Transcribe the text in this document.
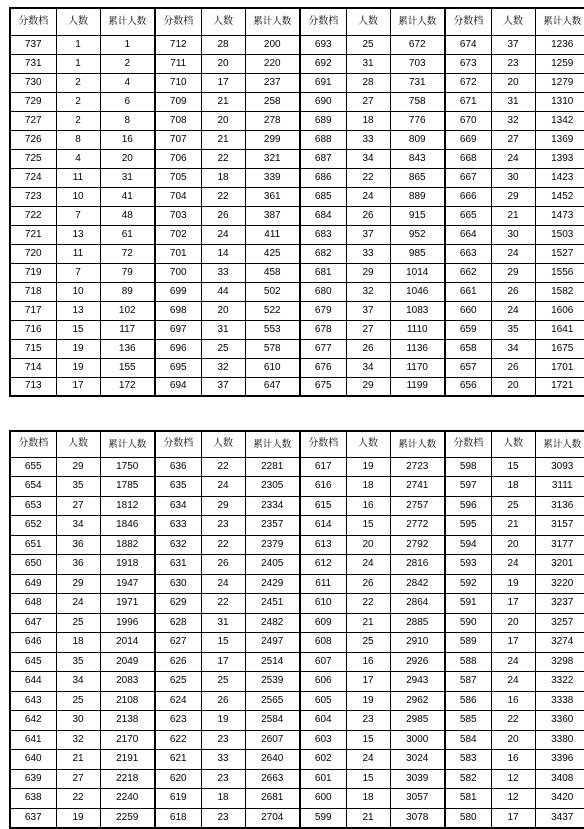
分数档	人数	累计人数	分数档	人数	累计人数	分数档	人数	累计人数	分数档	人数	累计人数
737	1	1	712	28	200	693	25	672	674	37	1236
731	1	2	711	20	220	692	31	703	673	23	1259
730	2	4	710	17	237	691	28	731	672	20	1279
729	2	6	709	21	258	690	27	758	671	31	1310
727	2	8	708	20	278	689	18	776	670	32	1342
726	8	16	707	21	299	688	33	809	669	27	1369
725	4	20	706	22	321	687	34	843	668	24	1393
724	11	31	705	18	339	686	22	865	667	30	1423
723	10	41	704	22	361	685	24	889	666	29	1452
722	7	48	703	26	387	684	26	915	665	21	1473
721	13	61	702	24	411	683	37	952	664	30	1503
720	11	72	701	14	425	682	33	985	663	24	1527
719	7	79	700	33	458	681	29	1014	662	29	1556
718	10	89	699	44	502	680	32	1046	661	26	1582
717	13	102	698	20	522	679	37	1083	660	24	1606
716	15	117	697	31	553	678	27	1110	659	35	1641
715	19	136	696	25	578	677	26	1136	658	34	1675
714	19	155	695	32	610	676	34	1170	657	26	1701
713	17	172	694	37	647	675	29	1199	656	20	1721
分数档	人数	累计人数	分数档	人数	累计人数	分数档	人数	累计人数	分数档	人数	累计人数
655	29	1750	636	22	2281	617	19	2723	598	15	3093
654	35	1785	635	24	2305	616	18	2741	597	18	3111
653	27	1812	634	29	2334	615	16	2757	596	25	3136
652	34	1846	633	23	2357	614	15	2772	595	21	3157
651	36	1882	632	22	2379	613	20	2792	594	20	3177
650	36	1918	631	26	2405	612	24	2816	593	24	3201
649	29	1947	630	24	2429	611	26	2842	592	19	3220
648	24	1971	629	22	2451	610	22	2864	591	17	3237
647	25	1996	628	31	2482	609	21	2885	590	20	3257
646	18	2014	627	15	2497	608	25	2910	589	17	3274
645	35	2049	626	17	2514	607	16	2926	588	24	3298
644	34	2083	625	25	2539	606	17	2943	587	24	3322
643	25	2108	624	26	2565	605	19	2962	586	16	3338
642	30	2138	623	19	2584	604	23	2985	585	22	3360
641	32	2170	622	23	2607	603	15	3000	584	20	3380
640	21	2191	621	33	2640	602	24	3024	583	16	3396
639	27	2218	620	23	2663	601	15	3039	582	12	3408
638	22	2240	619	18	2681	600	18	3057	581	12	3420
637	19	2259	618	23	2704	599	21	3078	580	17	3437
